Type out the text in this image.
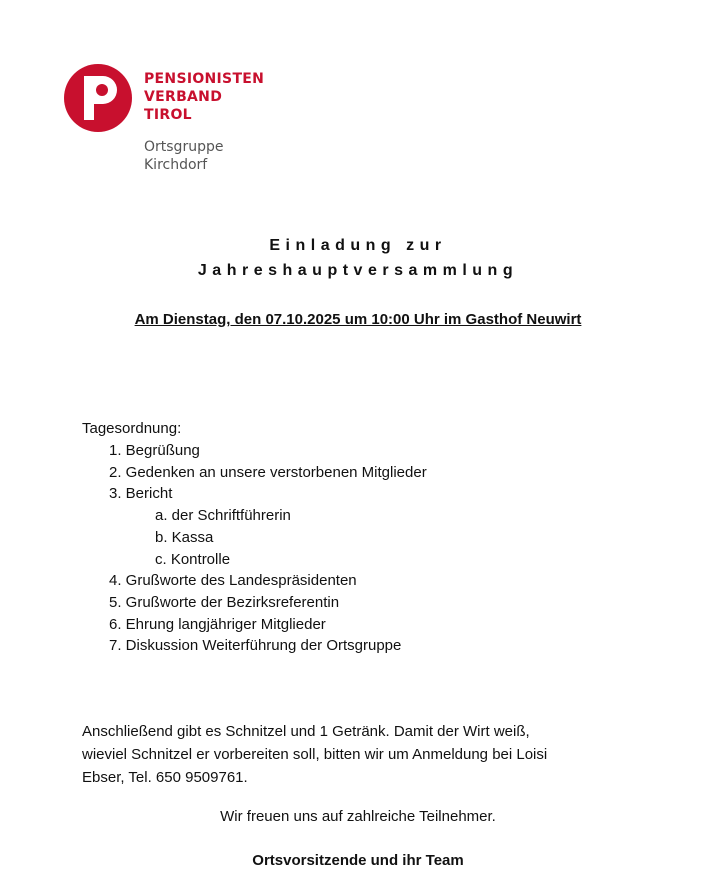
PENSIONISTEN
VERBAND
TIROL
Ortsgruppe
Kirchdorf
Einladung zur
Jahreshauptversammlung
Am Dienstag, den 07.10.2025 um 10:00 Uhr im Gasthof Neuwirt
Tagesordnung:
1. Begrüßung
2. Gedenken an unsere verstorbenen Mitglieder
3. Bericht
a. der Schriftführerin
b. Kassa
c. Kontrolle
4. Grußworte des Landespräsidenten
5. Grußworte der Bezirksreferentin
6. Ehrung langjähriger Mitglieder
7. Diskussion Weiterführung der Ortsgruppe
Anschließend gibt es Schnitzel und 1 Getränk. Damit der Wirt weiß,
wieviel Schnitzel er vorbereiten soll, bitten wir um Anmeldung bei Loisi
Ebser, Tel. 650 9509761.
Wir freuen uns auf zahlreiche Teilnehmer.
Ortsvorsitzende und ihr Team
